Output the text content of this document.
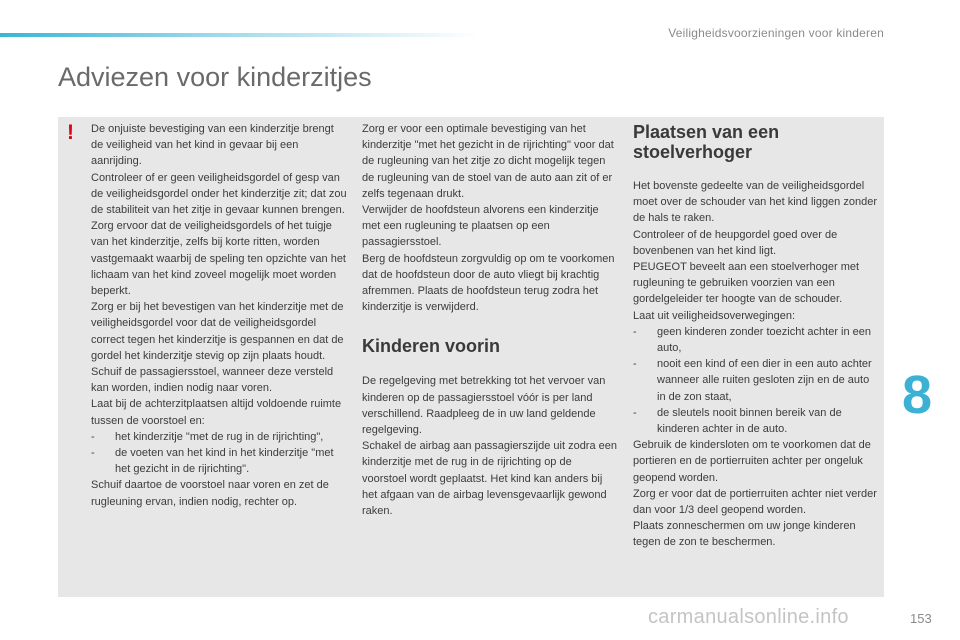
Veiligheidsvoorzieningen voor kinderen
Adviezen voor kinderzitjes
! De onjuiste bevestiging van een kinderzitje brengt de veiligheid van het kind in gevaar bij een aanrijding.

Controleer of er geen veiligheidsgordel of gesp van de veiligheidsgordel onder het kinderzitje zit; dat zou de stabiliteit van het zitje in gevaar kunnen brengen.

Zorg ervoor dat de veiligheidsgordels of het tuigje van het kinderzitje, zelfs bij korte ritten, worden vastgemaakt waarbij de speling ten opzichte van het lichaam van het kind zoveel mogelijk moet worden beperkt.

Zorg er bij het bevestigen van het kinderzitje met de veiligheidsgordel voor dat de veiligheidsgordel correct tegen het kinderzitje is gespannen en dat de gordel het kinderzitje stevig op zijn plaats houdt. Schuif de passagiersstoel, wanneer deze versteld kan worden, indien nodig naar voren.

Laat bij de achterzitplaatsen altijd voldoende ruimte tussen de voorstoel en:

- het kinderzitje "met de rug in de rijrichting",

- de voeten van het kind in het kinderzitje "met het gezicht in de rijrichting".

Schuif daartoe de voorstoel naar voren en zet de rugleuning ervan, indien nodig, rechter op.

Zorg er voor een optimale bevestiging van het kinderzitje "met het gezicht in de rijrichting" voor dat de rugleuning van het zitje zo dicht mogelijk tegen de rugleuning van de stoel van de auto aan zit of er zelfs tegenaan drukt.

Verwijder de hoofdsteun alvorens een kinderzitje met een rugleuning te plaatsen op een passagiersstoel.

Berg de hoofdsteun zorgvuldig op om te voorkomen dat de hoofdsteun door de auto vliegt bij krachtig afremmen. Plaats de hoofdsteun terug zodra het kinderzitje is verwijderd.

Kinderen voorin

De regelgeving met betrekking tot het vervoer van kinderen op de passagiersstoel vóór is per land verschillend. Raadpleeg de in uw land geldende regelgeving.

Schakel de airbag aan passagierszijde uit zodra een kinderzitje met de rug in de rijrichting op de voorstoel wordt geplaatst. Het kind kan anders bij het afgaan van de airbag levensgevaarlijk gewond raken.

Plaatsen van een stoelverhoger

Het bovenste gedeelte van de veiligheidsgordel moet over de schouder van het kind liggen zonder de hals te raken.

Controleer of de heupgordel goed over de bovenbenen van het kind ligt.

PEUGEOT beveelt aan een stoelverhoger met rugleuning te gebruiken voorzien van een gordelgeleider ter hoogte van de schouder.

Laat uit veiligheidsoverwegingen:

- geen kinderen zonder toezicht achter in een auto,

- nooit een kind of een dier in een auto achter wanneer alle ruiten gesloten zijn en de auto in de zon staat,

- de sleutels nooit binnen bereik van de kinderen achter in de auto.

Gebruik de kindersloten om te voorkomen dat de portieren en de portierruiten achter per ongeluk geopend worden.

Zorg er voor dat de portierruiten achter niet verder dan voor 1/3 deel geopend worden.

Plaats zonneschermen om uw jonge kinderen tegen de zon te beschermen.

8
carmanualsonline.info	153
